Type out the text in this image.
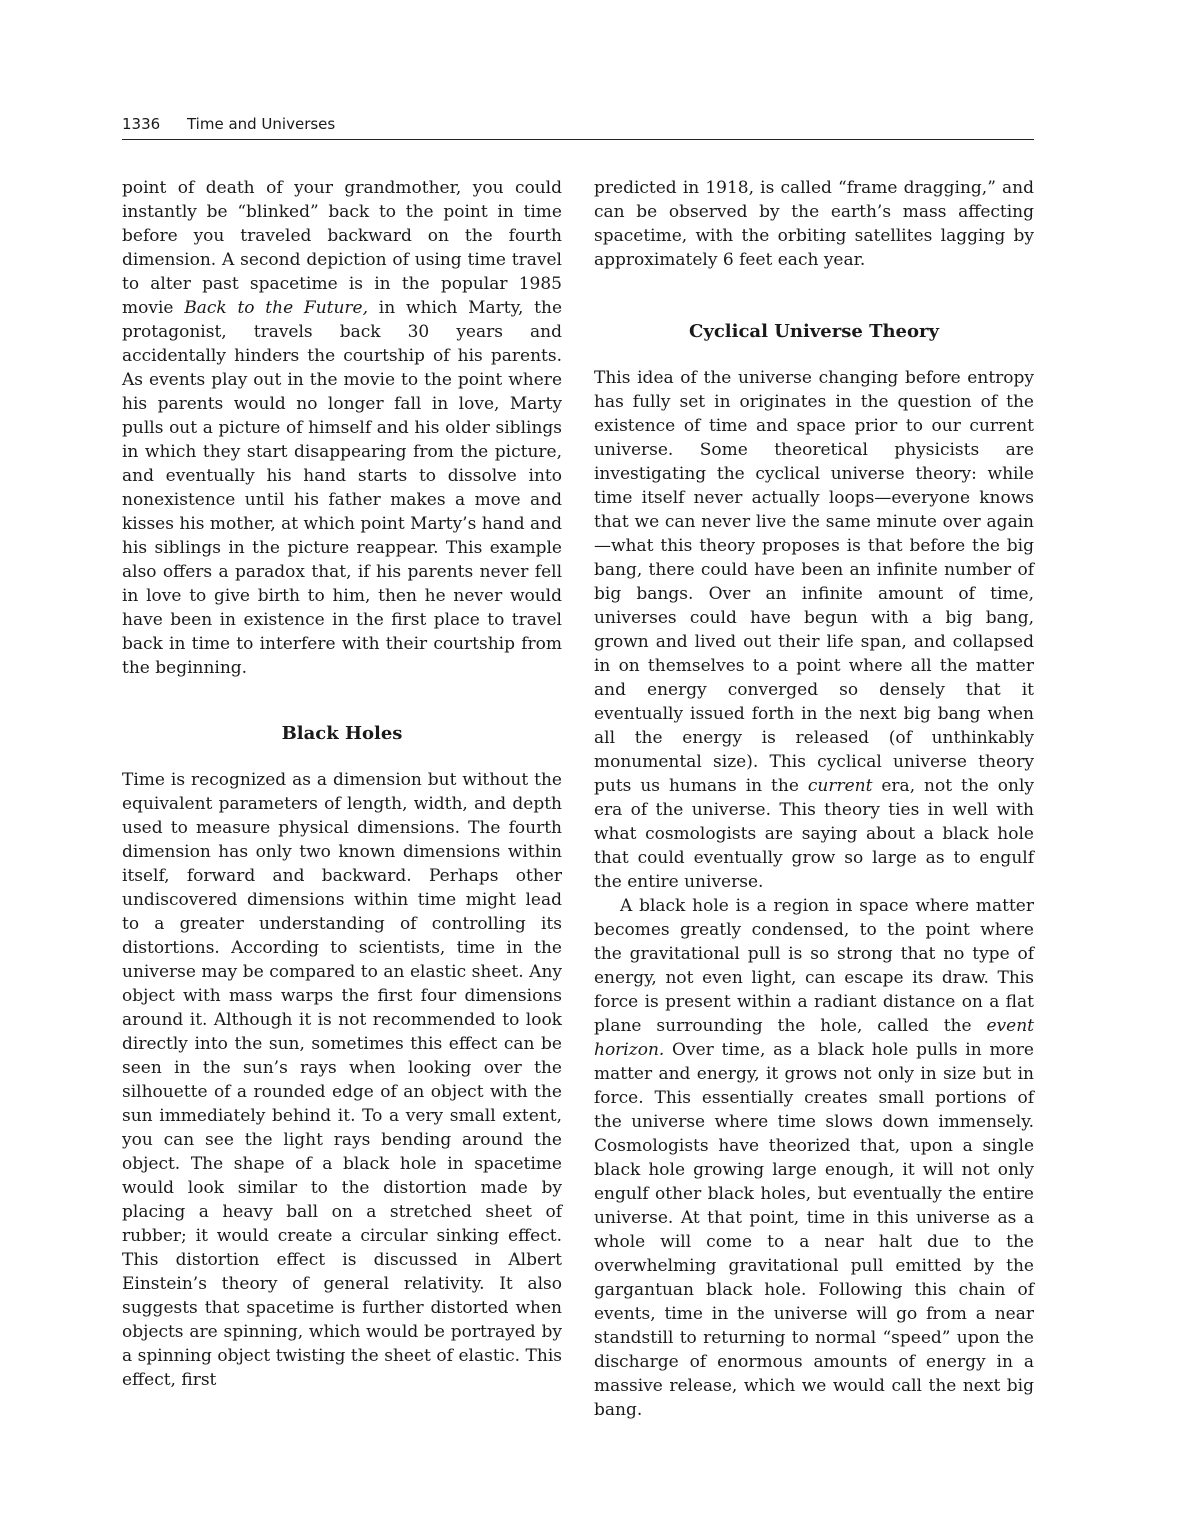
1336 Time and Universes

point of death of your grandmother, you could instantly be “blinked” back to the point in time before you traveled backward on the fourth dimension. A second depiction of using time travel to alter past spacetime is in the popular 1985 movie Back to the Future, in which Marty, the protagonist, travels back 30 years and accidentally hinders the courtship of his parents. As events play out in the movie to the point where his parents would no longer fall in love, Marty pulls out a picture of himself and his older siblings in which they start disappearing from the picture, and eventually his hand starts to dissolve into nonexistence until his father makes a move and kisses his mother, at which point Marty’s hand and his siblings in the picture reappear. This example also offers a paradox that, if his parents never fell in love to give birth to him, then he never would have been in existence in the first place to travel back in time to interfere with their courtship from the beginning.

Black Holes

Time is recognized as a dimension but without the equivalent parameters of length, width, and depth used to measure physical dimensions. The fourth dimension has only two known dimensions within itself, forward and backward. Perhaps other undiscovered dimensions within time might lead to a greater understanding of controlling its distortions. According to scientists, time in the universe may be compared to an elastic sheet. Any object with mass warps the first four dimensions around it. Although it is not recommended to look directly into the sun, sometimes this effect can be seen in the sun’s rays when looking over the silhouette of a rounded edge of an object with the sun immediately behind it. To a very small extent, you can see the light rays bending around the object. The shape of a black hole in spacetime would look similar to the distortion made by placing a heavy ball on a stretched sheet of rubber; it would create a circular sinking effect. This distortion effect is discussed in Albert Einstein’s theory of general relativity. It also suggests that spacetime is further distorted when objects are spinning, which would be portrayed by a spinning object twisting the sheet of elastic. This effect, first

predicted in 1918, is called “frame dragging,” and can be observed by the earth’s mass affecting spacetime, with the orbiting satellites lagging by approximately 6 feet each year.

Cyclical Universe Theory

This idea of the universe changing before entropy has fully set in originates in the question of the existence of time and space prior to our current universe. Some theoretical physicists are investigating the cyclical universe theory: while time itself never actually loops—everyone knows that we can never live the same minute over again—what this theory proposes is that before the big bang, there could have been an infinite number of big bangs. Over an infinite amount of time, universes could have begun with a big bang, grown and lived out their life span, and collapsed in on themselves to a point where all the matter and energy converged so densely that it eventually issued forth in the next big bang when all the energy is released (of unthinkably monumental size). This cyclical universe theory puts us humans in the current era, not the only era of the universe. This theory ties in well with what cosmologists are saying about a black hole that could eventually grow so large as to engulf the entire universe.

A black hole is a region in space where matter becomes greatly condensed, to the point where the gravitational pull is so strong that no type of energy, not even light, can escape its draw. This force is present within a radiant distance on a flat plane surrounding the hole, called the event horizon. Over time, as a black hole pulls in more matter and energy, it grows not only in size but in force. This essentially creates small portions of the universe where time slows down immensely. Cosmologists have theorized that, upon a single black hole growing large enough, it will not only engulf other black holes, but eventually the entire universe. At that point, time in this universe as a whole will come to a near halt due to the overwhelming gravitational pull emitted by the gargantuan black hole. Following this chain of events, time in the universe will go from a near standstill to returning to normal “speed” upon the discharge of enormous amounts of energy in a massive release, which we would call the next big bang.
